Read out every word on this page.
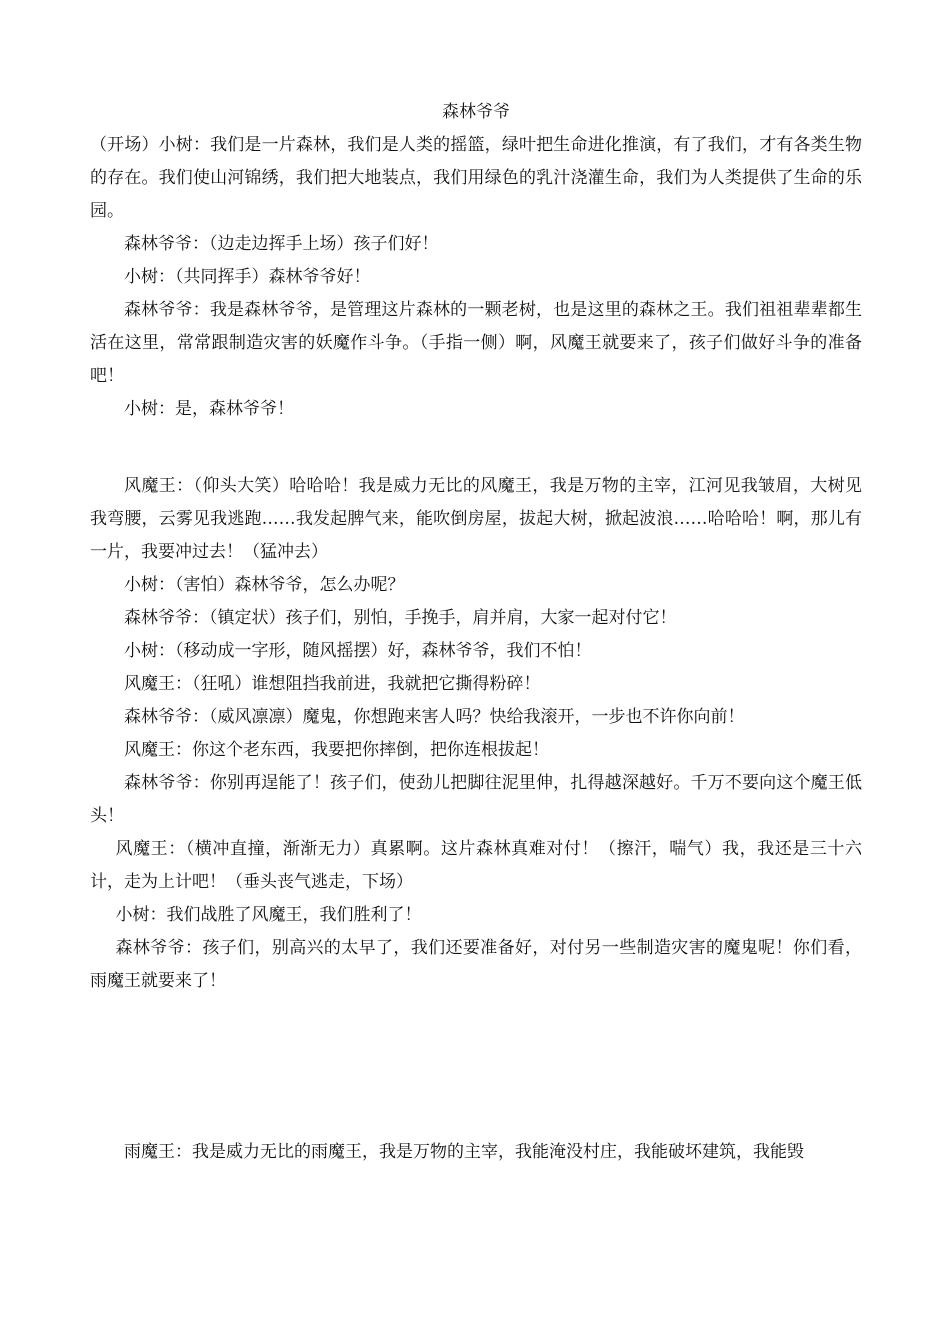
森林爷爷

（开场）小树：我们是一片森林，我们是人类的摇篮，绿叶把生命进化推演，有了我们，才有各类生物的存在。我们使山河锦绣，我们把大地装点，我们用绿色的乳汁浇灌生命，我们为人类提供了生命的乐园。

森林爷爷：（边走边挥手上场）孩子们好！

小树：（共同挥手）森林爷爷好！

森林爷爷：我是森林爷爷，是管理这片森林的一颗老树，也是这里的森林之王。我们祖祖辈辈都生活在这里，常常跟制造灾害的妖魔作斗争。（手指一侧）啊，风魔王就要来了，孩子们做好斗争的准备吧！

小树：是，森林爷爷！

风魔王：（仰头大笑）哈哈哈！我是威力无比的风魔王，我是万物的主宰，江河见我皱眉，大树见我弯腰，云雾见我逃跑……我发起脾气来，能吹倒房屋，拔起大树，掀起波浪……哈哈哈！啊，那儿有一片，我要冲过去！（猛冲去）

小树：（害怕）森林爷爷，怎么办呢？

森林爷爷：（镇定状）孩子们，别怕，手挽手，肩并肩，大家一起对付它！

小树：（移动成一字形，随风摇摆）好，森林爷爷，我们不怕！

风魔王：（狂吼）谁想阻挡我前进，我就把它撕得粉碎！

森林爷爷：（威风凛凛）魔鬼，你想跑来害人吗？快给我滚开，一步也不许你向前！

风魔王：你这个老东西，我要把你摔倒，把你连根拔起！

森林爷爷：你别再逞能了！孩子们，使劲儿把脚往泥里伸，扎得越深越好。千万不要向这个魔王低头！

风魔王：（横冲直撞，渐渐无力）真累啊。这片森林真难对付！（擦汗，喘气）我，我还是三十六计，走为上计吧！（垂头丧气逃走，下场）

小树：我们战胜了风魔王，我们胜利了！

森林爷爷：孩子们，别高兴的太早了，我们还要准备好，对付另一些制造灾害的魔鬼呢！你们看，雨魔王就要来了！

雨魔王：我是威力无比的雨魔王，我是万物的主宰，我能淹没村庄，我能破坏建筑，我能毁
